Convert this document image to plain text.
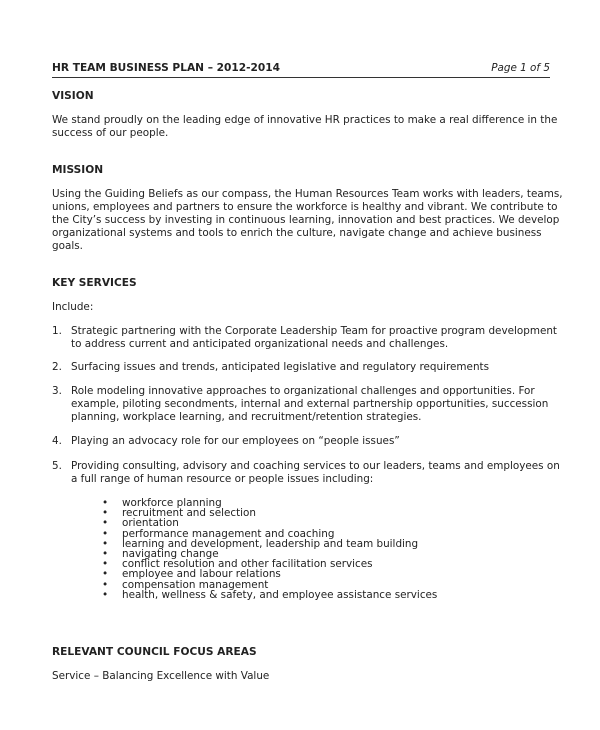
HR TEAM BUSINESS PLAN – 2012-2014	Page 1 of 5
VISION
We stand proudly on the leading edge of innovative HR practices to make a real difference in the
success of our people.
MISSION
Using the Guiding Beliefs as our compass, the Human Resources Team works with leaders, teams,
unions, employees and partners to ensure the workforce is healthy and vibrant. We contribute to
the City’s success by investing in continuous learning, innovation and best practices. We develop
organizational systems and tools to enrich the culture, navigate change and achieve business
goals.
KEY SERVICES
Include:
1. Strategic partnering with the Corporate Leadership Team for proactive program development
to address current and anticipated organizational needs and challenges.
2. Surfacing issues and trends, anticipated legislative and regulatory requirements
3. Role modeling innovative approaches to organizational challenges and opportunities. For
example, piloting secondments, internal and external partnership opportunities, succession
planning, workplace learning, and recruitment/retention strategies.
4. Playing an advocacy role for our employees on “people issues”
5. Providing consulting, advisory and coaching services to our leaders, teams and employees on
a full range of human resource or people issues including:
• workforce planning
• recruitment and selection
• orientation
• performance management and coaching
• learning and development, leadership and team building
• navigating change
• conflict resolution and other facilitation services
• employee and labour relations
• compensation management
• health, wellness & safety, and employee assistance services
RELEVANT COUNCIL FOCUS AREAS
Service – Balancing Excellence with Value
